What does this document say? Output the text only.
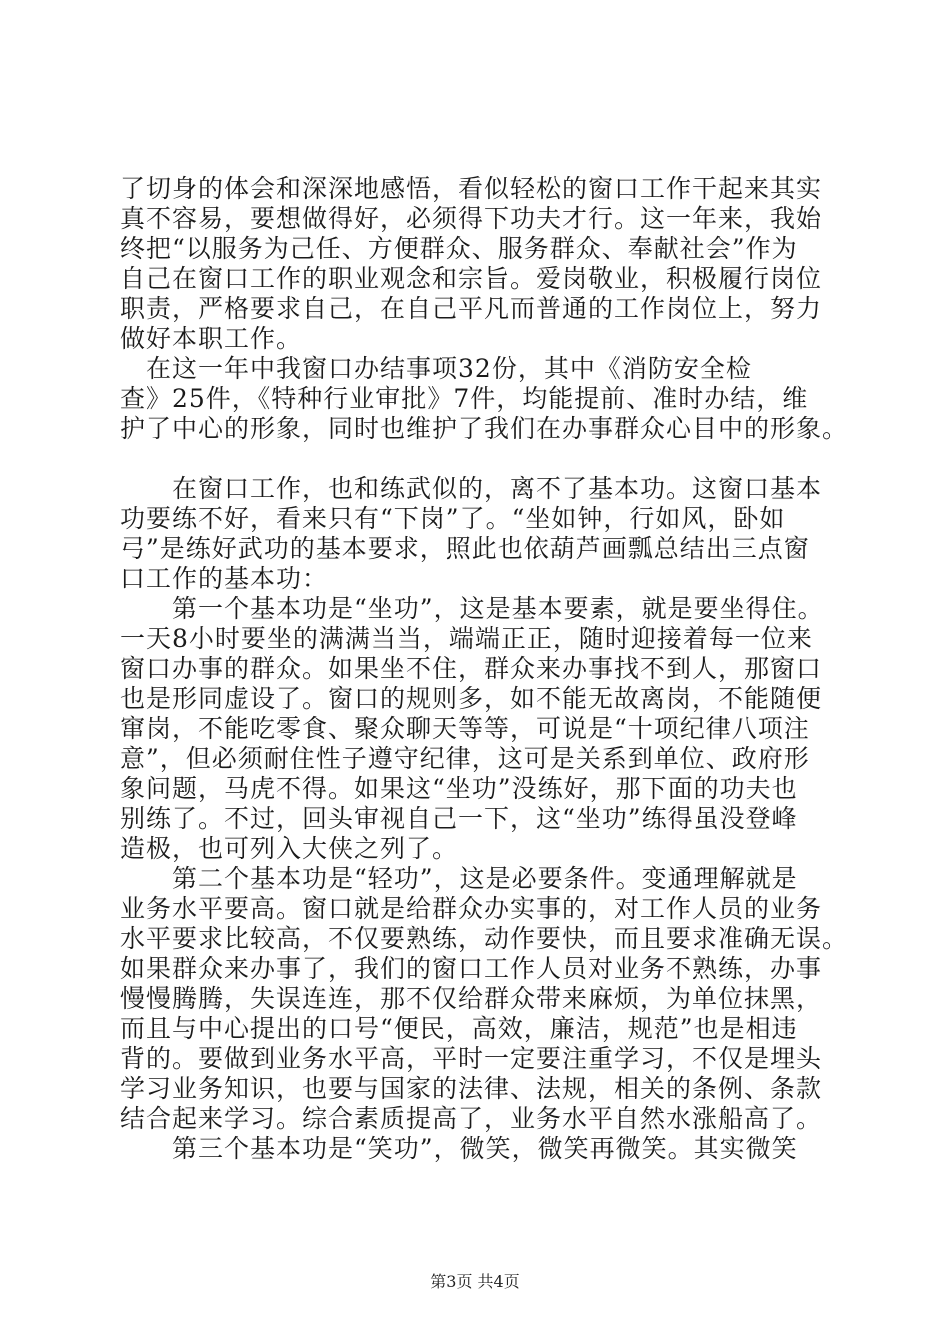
了切身的体会和深深地感悟，看似轻松的窗口工作干起来其实
真不容易，要想做得好，必须得下功夫才行。这一年来，我始
终把“以服务为己任、方便群众、服务群众、奉献社会”作为
自己在窗口工作的职业观念和宗旨。爱岗敬业，积极履行岗位
职责，严格要求自己，在自己平凡而普通的工作岗位上，努力
做好本职工作。
　在这一年中我窗口办结事项32份，其中《消防安全检
查》25件，《特种行业审批》7件，均能提前、准时办结，维
护了中心的形象，同时也维护了我们在办事群众心目中的形象。
　　在窗口工作，也和练武似的，离不了基本功。这窗口基本
功要练不好，看来只有“下岗”了。“坐如钟，行如风，卧如
弓”是练好武功的基本要求，照此也依葫芦画瓢总结出三点窗
口工作的基本功：
　　第一个基本功是“坐功”，这是基本要素，就是要坐得住。
一天8小时要坐的满满当当，端端正正，随时迎接着每一位来
窗口办事的群众。如果坐不住，群众来办事找不到人，那窗口
也是形同虚设了。窗口的规则多，如不能无故离岗，不能随便
窜岗，不能吃零食、聚众聊天等等，可说是“十项纪律八项注
意”，但必须耐住性子遵守纪律，这可是关系到单位、政府形
象问题，马虎不得。如果这“坐功”没练好，那下面的功夫也
别练了。不过，回头审视自己一下，这“坐功”练得虽没登峰
造极，也可列入大侠之列了。
　　第二个基本功是“轻功”，这是必要条件。变通理解就是
业务水平要高。窗口就是给群众办实事的，对工作人员的业务
水平要求比较高，不仅要熟练，动作要快，而且要求准确无误。
如果群众来办事了，我们的窗口工作人员对业务不熟练，办事
慢慢腾腾，失误连连，那不仅给群众带来麻烦，为单位抹黑，
而且与中心提出的口号“便民，高效，廉洁，规范”也是相违
背的。要做到业务水平高，平时一定要注重学习，不仅是埋头
学习业务知识，也要与国家的法律、法规，相关的条例、条款
结合起来学习。综合素质提高了，业务水平自然水涨船高了。
　　第三个基本功是“笑功”，微笑，微笑再微笑。其实微笑
第3页 共4页
